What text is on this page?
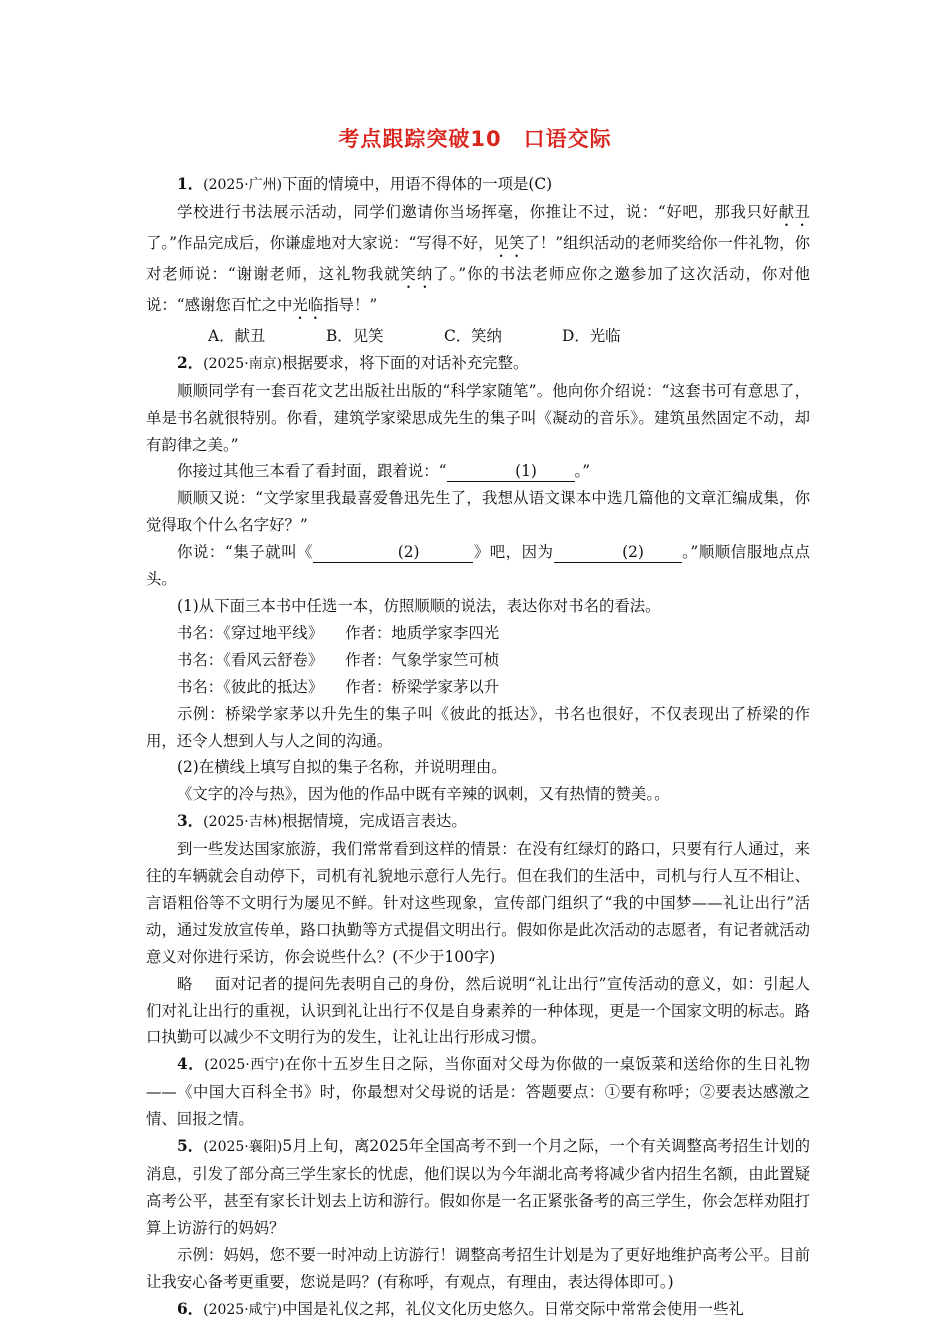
考点跟踪突破10　口语交际

1．(2025·广州)下面的情境中，用语不得体的一项是(C)

学校进行书法展示活动，同学们邀请你当场挥毫，你推让不过，说：“好吧，那我只好献丑了。”作品完成后，你谦虚地对大家说：“写得不好，见笑了！”组织活动的老师奖给你一件礼物，你对老师说：“谢谢老师，这礼物我就笑纳了。”你的书法老师应你之邀参加了这次活动，你对他说：“感谢您百忙之中光临指导！”

A．献丑	B．见笑	C．笑纳	D．光临

2．(2025·南京)根据要求，将下面的对话补充完整。

顺顺同学有一套百花文艺出版社出版的“科学家随笔”。他向你介绍说：“这套书可有意思了，单是书名就很特别。你看，建筑学家梁思成先生的集子叫《凝动的音乐》。建筑虽然固定不动，却有韵律之美。”

你接过其他三本看了看封面，跟着说：“	(1) 。”

顺顺又说：“文学家里我最喜爱鲁迅先生了，我想从语文课本中选几篇他的文章汇编成集，你觉得取个什么名字好？”

你说：“集子就叫《	(2)	》吧，因为	(2) 。”顺顺信服地点点头。

(1)从下面三本书中任选一本，仿照顺顺的说法，表达你对书名的看法。

书名：《穿过地平线》 作者：地质学家李四光

书名：《看风云舒卷》 作者：气象学家竺可桢

书名：《彼此的抵达》 作者：桥梁学家茅以升

示例：桥梁学家茅以升先生的集子叫《彼此的抵达》，书名也很好，不仅表现出了桥梁的作用，还令人想到人与人之间的沟通。

(2)在横线上填写自拟的集子名称，并说明理由。

《文字的冷与热》，因为他的作品中既有辛辣的讽刺，又有热情的赞美。。

3．(2025·吉林)根据情境，完成语言表达。

到一些发达国家旅游，我们常常看到这样的情景：在没有红绿灯的路口，只要有行人通过，来往的车辆就会自动停下，司机有礼貌地示意行人先行。但在我们的生活中，司机与行人互不相让、言语粗俗等不文明行为屡见不鲜。针对这些现象，宣传部门组织了“我的中国梦——礼让出行”活动，通过发放宣传单，路口执勤等方式提倡文明出行。假如你是此次活动的志愿者，有记者就活动意义对你进行采访，你会说些什么？(不少于100字)

略 面对记者的提问先表明自己的身份，然后说明“礼让出行”宣传活动的意义，如：引起人们对礼让出行的重视，认识到礼让出行不仅是自身素养的一种体现，更是一个国家文明的标志。路口执勤可以减少不文明行为的发生，让礼让出行形成习惯。

4．(2025·西宁)在你十五岁生日之际，当你面对父母为你做的一桌饭菜和送给你的生日礼物——《中国大百科全书》时，你最想对父母说的话是：答题要点：①要有称呼；②要表达感激之情、回报之情。

5．(2025·襄阳)5月上旬，离2025年全国高考不到一个月之际，一个有关调整高考招生计划的消息，引发了部分高三学生家长的忧虑，他们误以为今年湖北高考将减少省内招生名额，由此置疑高考公平，甚至有家长计划去上访和游行。假如你是一名正紧张备考的高三学生，你会怎样劝阻打算上访游行的妈妈？

示例：妈妈，您不要一时冲动上访游行！调整高考招生计划是为了更好地维护高考公平。目前让我安心备考更重要，您说是吗？(有称呼，有观点，有理由，表达得体即可。)

6．(2025·咸宁)中国是礼仪之邦，礼仪文化历史悠久。日常交际中常常会使用一些礼
